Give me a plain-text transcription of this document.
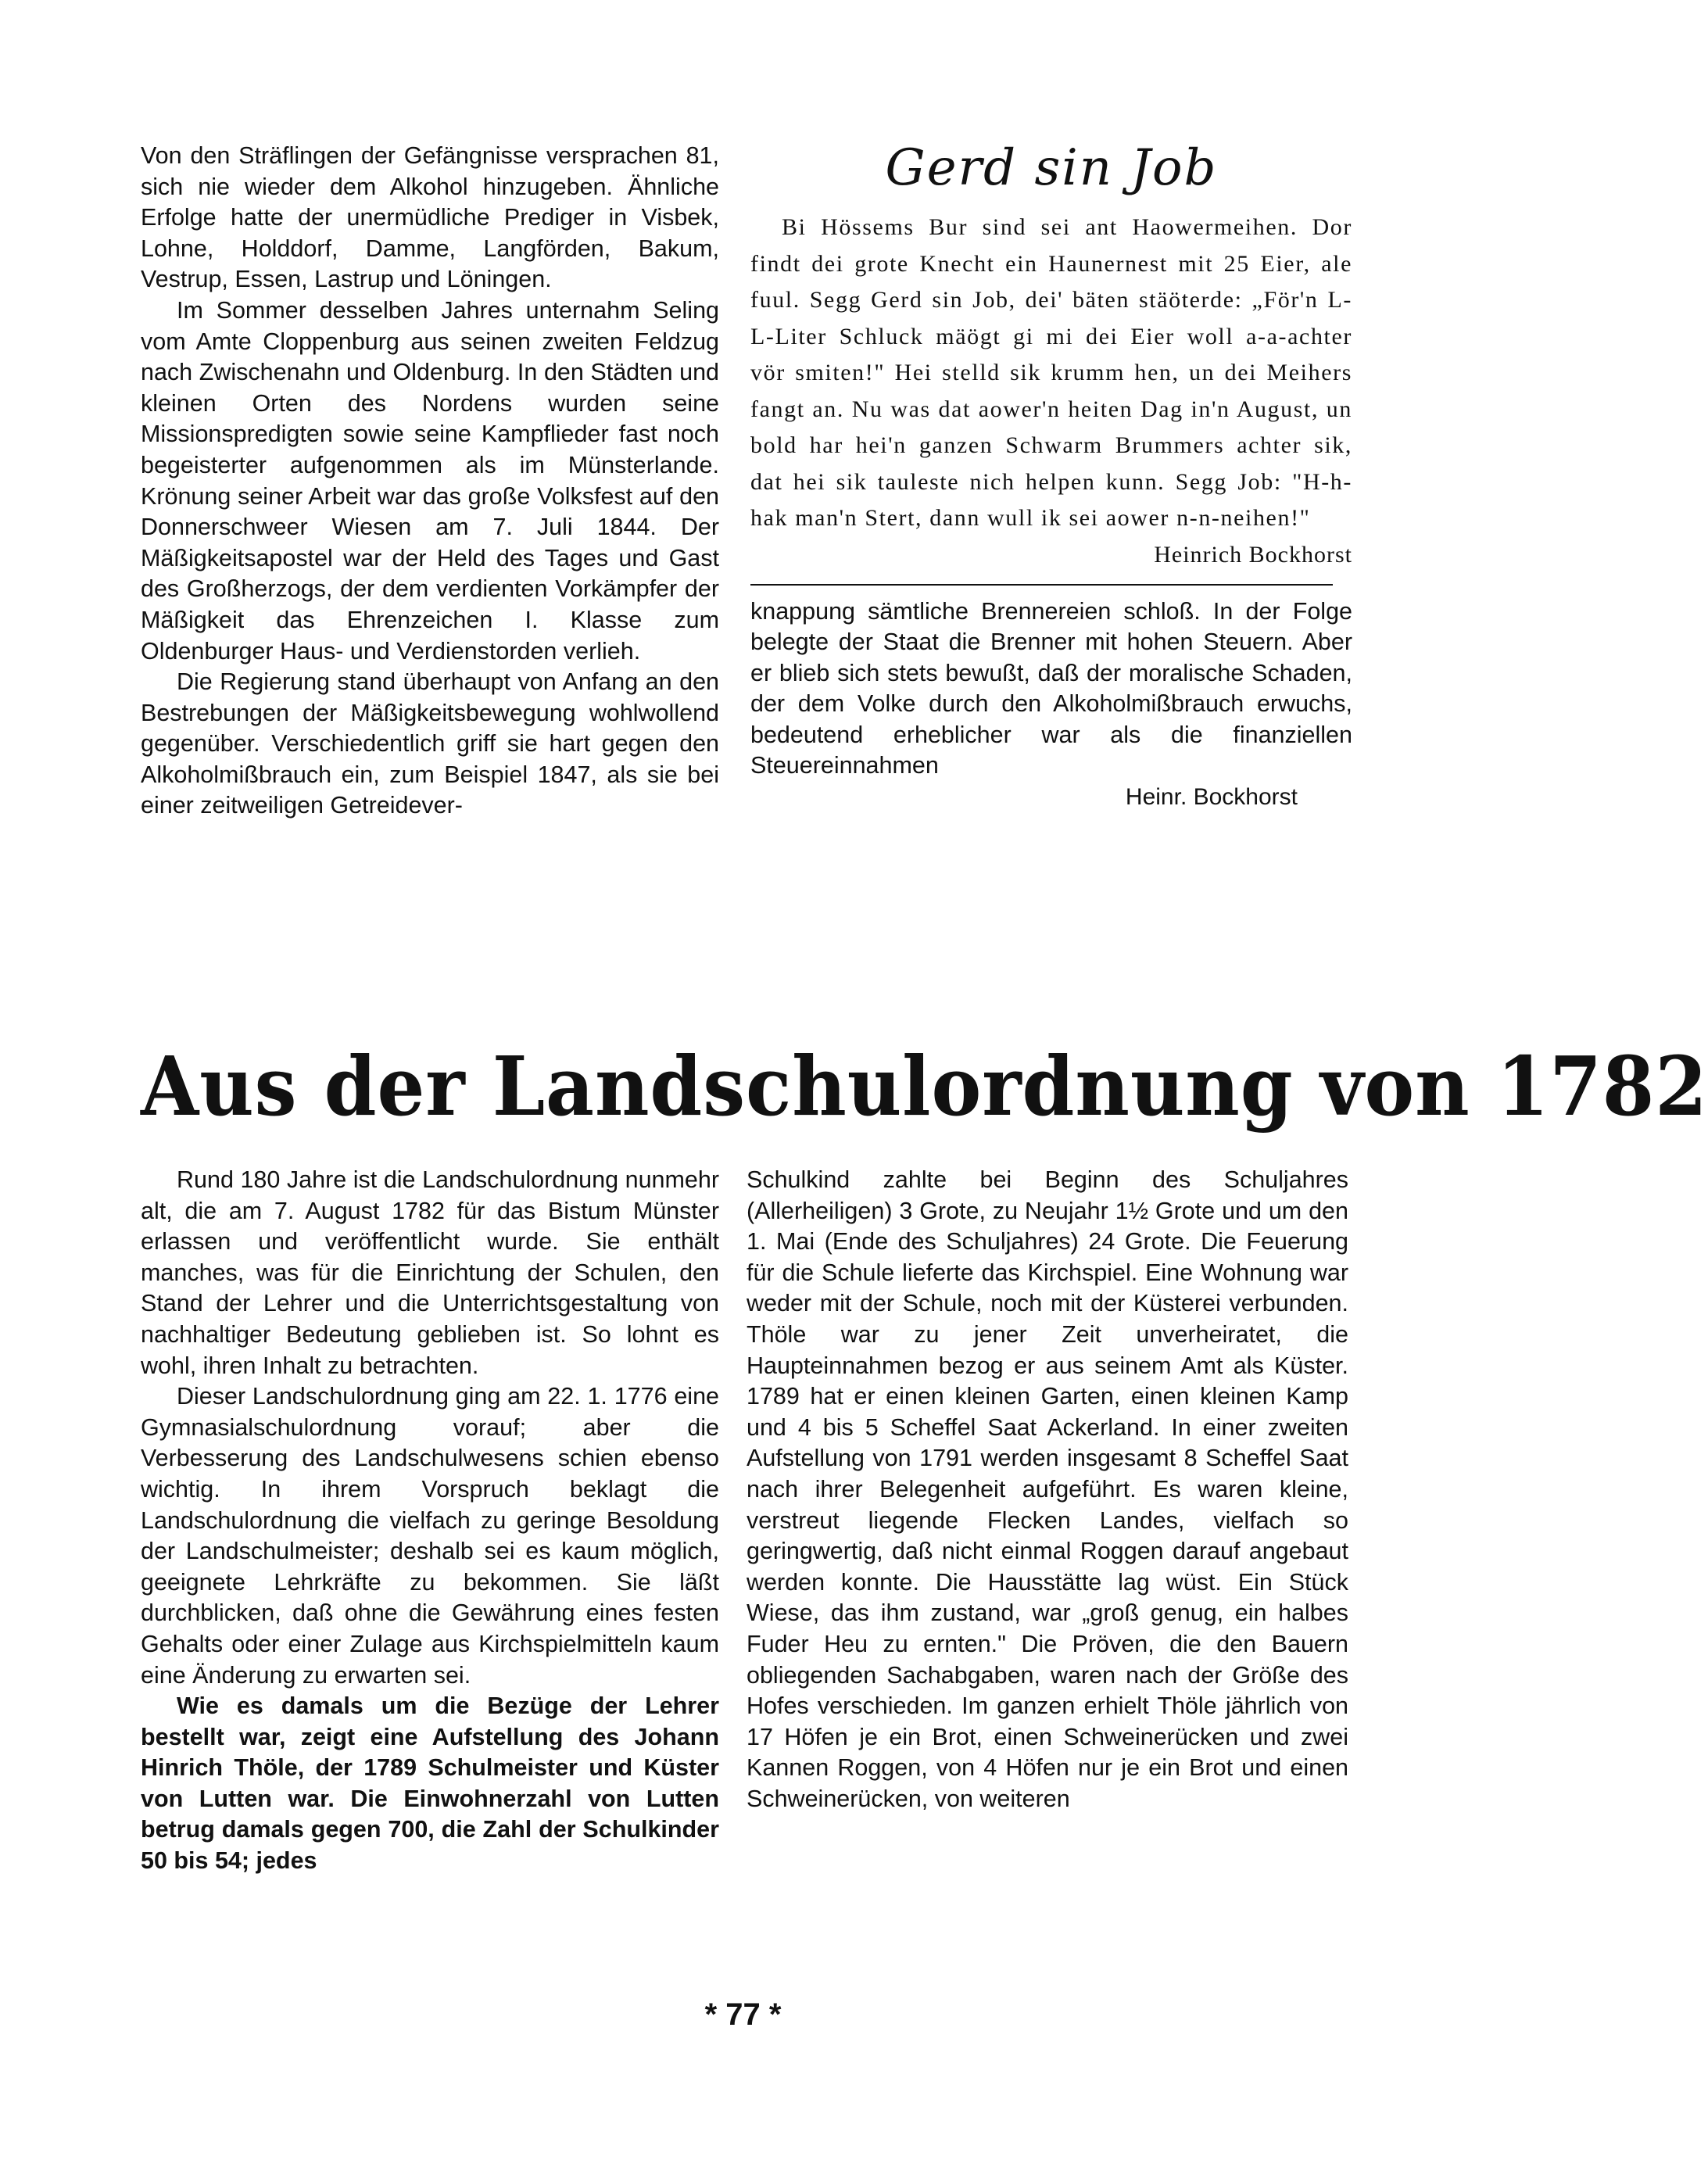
Von den Sträflingen der Gefängnisse versprachen 81, sich nie wieder dem Alkohol hinzugeben. Ähnliche Erfolge hatte der unermüdliche Prediger in Visbek, Lohne, Holddorf, Damme, Langförden, Bakum, Vestrup, Essen, Lastrup und Löningen.

Im Sommer desselben Jahres unternahm Seling vom Amte Cloppenburg aus seinen zweiten Feldzug nach Zwischenahn und Oldenburg. In den Städten und kleinen Orten des Nordens wurden seine Missionspredigten sowie seine Kampflieder fast noch begeisterter aufgenommen als im Münsterlande. Krönung seiner Arbeit war das große Volksfest auf den Donnerschweer Wiesen am 7. Juli 1844. Der Mäßigkeitsapostel war der Held des Tages und Gast des Großherzogs, der dem verdienten Vorkämpfer der Mäßigkeit das Ehrenzeichen I. Klasse zum Oldenburger Haus- und Verdienstorden verlieh.

Die Regierung stand überhaupt von Anfang an den Bestrebungen der Mäßigkeitsbewegung wohlwollend gegenüber. Verschiedentlich griff sie hart gegen den Alkoholmißbrauch ein, zum Beispiel 1847, als sie bei einer zeitweiligen Getreidever-

Gerd sin Job

Bi Hössems Bur sind sei ant Haowermeihen. Dor findt dei grote Knecht ein Haunernest mit 25 Eier, ale fuul. Segg Gerd sin Job, dei' bäten stäöterde: „För'n L-L-Liter Schluck mäögt gi mi dei Eier woll a-a-achter vör smiten!" Hei stelld sik krumm hen, un dei Meihers fangt an. Nu was dat aower'n heiten Dag in'n August, un bold har hei'n ganzen Schwarm Brummers achter sik, dat hei sik tauleste nich helpen kunn. Segg Job: "H-h-hak man'n Stert, dann wull ik sei aower n-n-neihen!"

Heinrich Bockhorst

knappung sämtliche Brennereien schloß. In der Folge belegte der Staat die Brenner mit hohen Steuern. Aber er blieb sich stets bewußt, daß der moralische Schaden, der dem Volke durch den Alkoholmißbrauch erwuchs, bedeutend erheblicher war als die finanziellen Steuereinnahmen

Heinr. Bockhorst
Aus der Landschulordnung von 1782

Rund 180 Jahre ist die Landschulordnung nunmehr alt, die am 7. August 1782 für das Bistum Münster erlassen und veröffentlicht wurde. Sie enthält manches, was für die Einrichtung der Schulen, den Stand der Lehrer und die Unterrichtsgestaltung von nachhaltiger Bedeutung geblieben ist. So lohnt es wohl, ihren Inhalt zu betrachten.

Dieser Landschulordnung ging am 22. 1. 1776 eine Gymnasialschulordnung vorauf; aber die Verbesserung des Landschulwesens schien ebenso wichtig. In ihrem Vorspruch beklagt die Landschulordnung die vielfach zu geringe Besoldung der Landschulmeister; deshalb sei es kaum möglich, geeignete Lehrkräfte zu bekommen. Sie läßt durchblicken, daß ohne die Gewährung eines festen Gehalts oder einer Zulage aus Kirchspielmitteln kaum eine Änderung zu erwarten sei.

Wie es damals um die Bezüge der Lehrer bestellt war, zeigt eine Aufstellung des Johann Hinrich Thöle, der 1789 Schulmeister und Küster von Lutten war. Die Einwohnerzahl von Lutten betrug damals gegen 700, die Zahl der Schulkinder 50 bis 54; jedes

Schulkind zahlte bei Beginn des Schuljahres (Allerheiligen) 3 Grote, zu Neujahr 1½ Grote und um den 1. Mai (Ende des Schuljahres) 24 Grote. Die Feuerung für die Schule lieferte das Kirchspiel. Eine Wohnung war weder mit der Schule, noch mit der Küsterei verbunden. Thöle war zu jener Zeit unverheiratet, die Haupteinnahmen bezog er aus seinem Amt als Küster. 1789 hat er einen kleinen Garten, einen kleinen Kamp und 4 bis 5 Scheffel Saat Ackerland. In einer zweiten Aufstellung von 1791 werden insgesamt 8 Scheffel Saat nach ihrer Belegenheit aufgeführt. Es waren kleine, verstreut liegende Flecken Landes, vielfach so geringwertig, daß nicht einmal Roggen darauf angebaut werden konnte. Die Hausstätte lag wüst. Ein Stück Wiese, das ihm zustand, war „groß genug, ein halbes Fuder Heu zu ernten." Die Pröven, die den Bauern obliegenden Sachabgaben, waren nach der Größe des Hofes verschieden. Im ganzen erhielt Thöle jährlich von 17 Höfen je ein Brot, einen Schweinerücken und zwei Kannen Roggen, von 4 Höfen nur je ein Brot und einen Schweinerücken, von weiteren

* 77 *
